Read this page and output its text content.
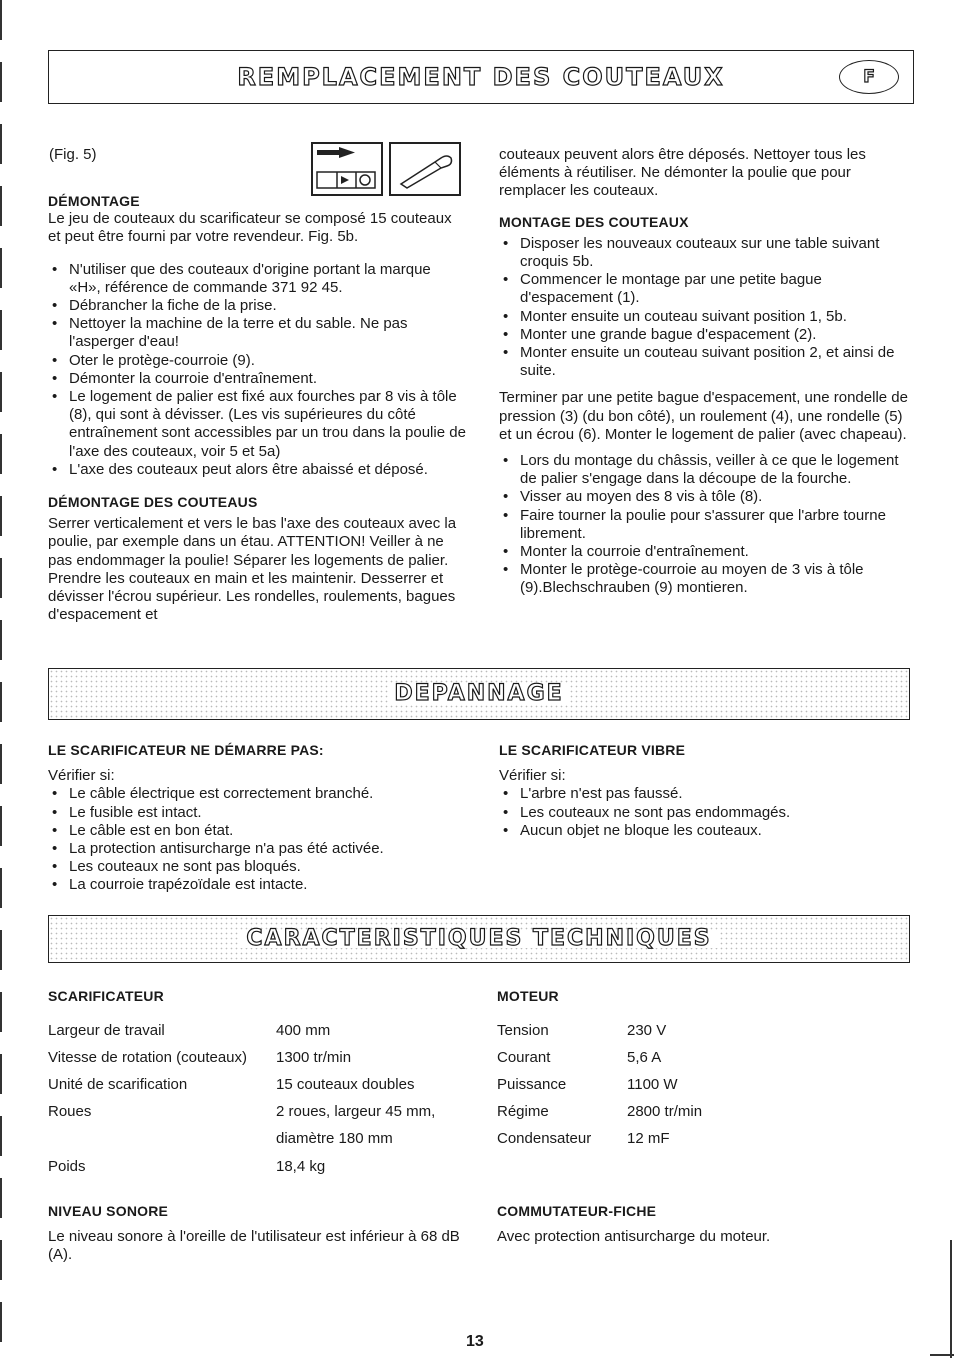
REMPLACEMENT DES COUTEAUX	F
(Fig. 5)
DÉMONTAGE

Le jeu de couteaux du scarificateur se composé 15 couteaux et peut être fourni par votre revendeur. Fig. 5b.

• N'utiliser que des couteaux d'origine portant la marque «H», référence de commande 371 92 45.
• Débrancher la fiche de la prise.
• Nettoyer la machine de la terre et du sable. Ne pas l'asperger d'eau!
• Oter le protège-courroie (9).
• Démonter la courroie d'entraînement.
• Le logement de palier est fixé aux fourches par 8 vis à tôle (8), qui sont à dévisser. (Les vis supérieures du côté entraînement sont accessibles par un trou dans la poulie de l'axe des couteaux, voir 5 et 5a)
• L'axe des couteaux peut alors être abaissé et déposé.
DÉMONTAGE DES COUTEAUS

Serrer verticalement et vers le bas l'axe des couteaux avec la poulie, par exemple dans un étau. ATTENTION! Veiller à ne pas endommager la poulie! Séparer les logements de palier. Prendre les couteaux en main et les maintenir. Desserrer et dévisser l'écrou supérieur. Les rondelles, roulements, bagues d'espacement et

couteaux peuvent alors être déposés. Nettoyer tous les éléments à réutiliser. Ne démonter la poulie que pour remplacer les couteaux.

MONTAGE DES COUTEAUX
• Disposer les nouveaux couteaux sur une table suivant croquis 5b.
• Commencer le montage par une petite bague d'espacement (1).
• Monter ensuite un couteau suivant position 1, 5b.
• Monter une grande bague d'espacement (2).
• Monter ensuite un couteau suivant position 2, et ainsi de suite.

Terminer par une petite bague d'espacement, une rondelle de pression (3) (du bon côté), un roulement (4), une rondelle (5) et un écrou (6). Monter le logement de palier (avec chapeau).

• Lors du montage du châssis, veiller à ce que le logement de palier s'engage dans la découpe de la fourche.
• Visser au moyen des 8 vis à tôle (8).
• Faire tourner la poulie pour s'assurer que l'arbre tourne librement.
• Monter la courroie d'entraînement.
• Monter le protège-courroie au moyen de 3 vis à tôle (9).Blechschrauben (9) montieren.
DEPANNAGE
LE SCARIFICATEUR NE DÉMARRE PAS:

Vérifier si:

• Le câble électrique est correctement branché.
• Le fusible est intact.
• Le câble est en bon état.
• La protection antisurcharge n'a pas été activée.
• Les couteaux ne sont pas bloqués.
• La courroie trapézoïdale est intacte.
LE SCARIFICATEUR VIBRE

Vérifier si:

• L'arbre n'est pas faussé.
• Les couteaux ne sont pas endommagés.
• Aucun objet ne bloque les couteaux.
CARACTERISTIQUES TECHNIQUES
SCARIFICATEUR
Largeur de travail	400 mm
Vitesse de rotation (couteaux)	1300 tr/min
Unité de scarification	15 couteaux doubles
Roues	2 roues, largeur 45 mm,
diamètre 180 mm
Poids	18,4 kg
MOTEUR
Tension	230 V
Courant	5,6 A
Puissance	1100 W
Régime	2800 tr/min
Condensateur	12 mF
NIVEAU SONORE

Le niveau sonore à l'oreille de l'utilisateur est inférieur à 68 dB (A).

COMMUTATEUR-FICHE

Avec protection antisurcharge du moteur.

13
